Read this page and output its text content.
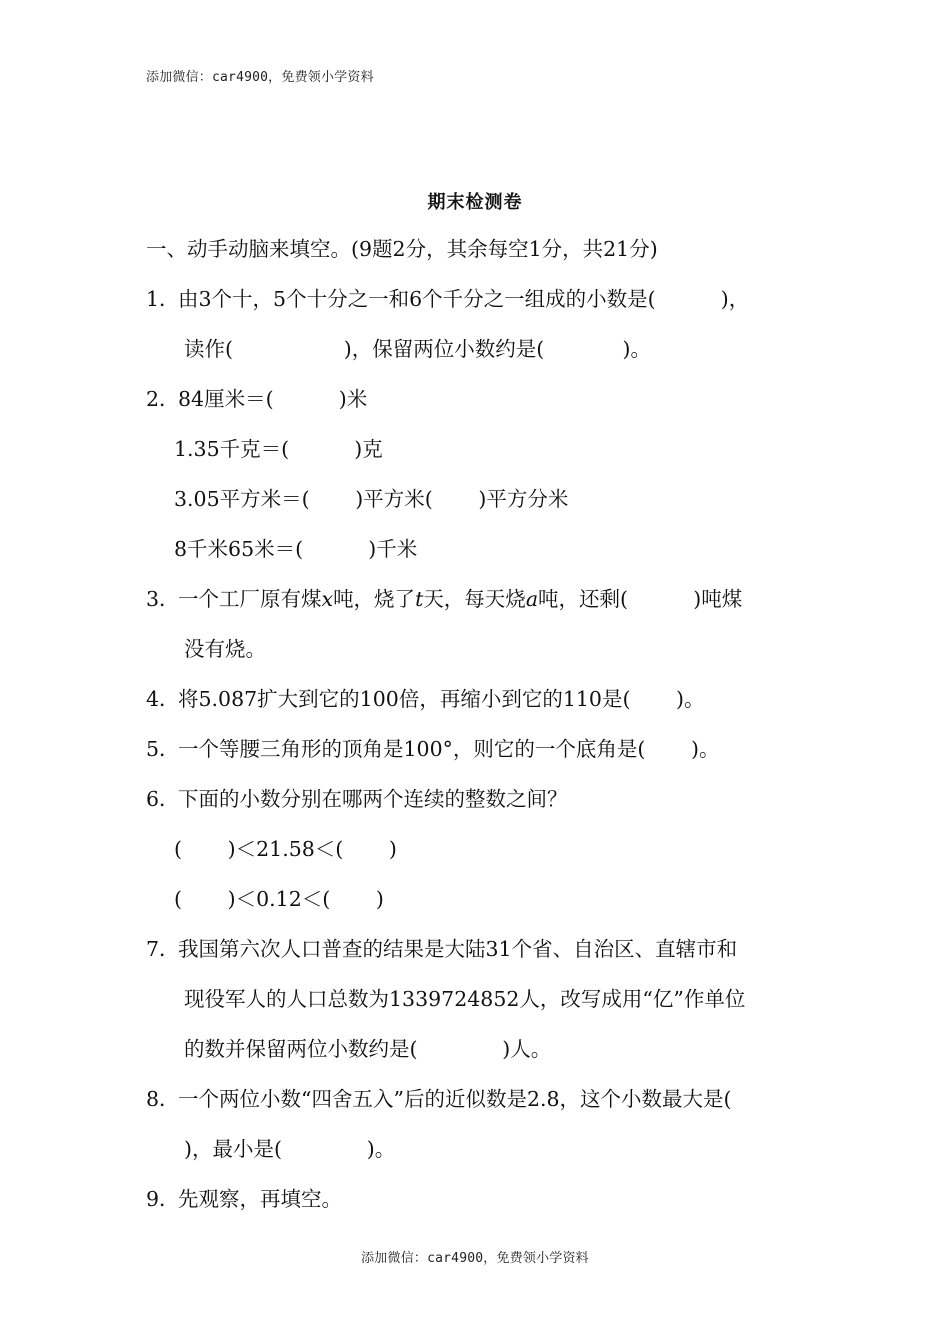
添加微信：car4900，免费领小学资料
期末检测卷
一、动手动脑来填空。(9题2分，其余每空1分，共21分)
1．由3个十，5个十分之一和6个千分之一组成的小数是(          )，
读作(                 )，保留两位小数约是(            )。
2．84厘米＝(          )米
1.35千克＝(          )克
3.05平方米＝(       )平方米(       )平方分米
8千米65米＝(          )千米
3．一个工厂原有煤x吨，烧了t天，每天烧a吨，还剩(          )吨煤
没有烧。
4．将5.087扩大到它的100倍，再缩小到它的110是(       )。
5．一个等腰三角形的顶角是100°，则它的一个底角是(       )。
6．下面的小数分别在哪两个连续的整数之间？
(       )＜21.58＜(       )
(       )＜0.12＜(       )
7．我国第六次人口普查的结果是大陆31个省、自治区、直辖市和
现役军人的人口总数为1339724852人，改写成用“亿”作单位
的数并保留两位小数约是(             )人。
8．一个两位小数“四舍五入”后的近似数是2.8，这个小数最大是(
)，最小是(             )。
9．先观察，再填空。
添加微信：car4900，免费领小学资料
